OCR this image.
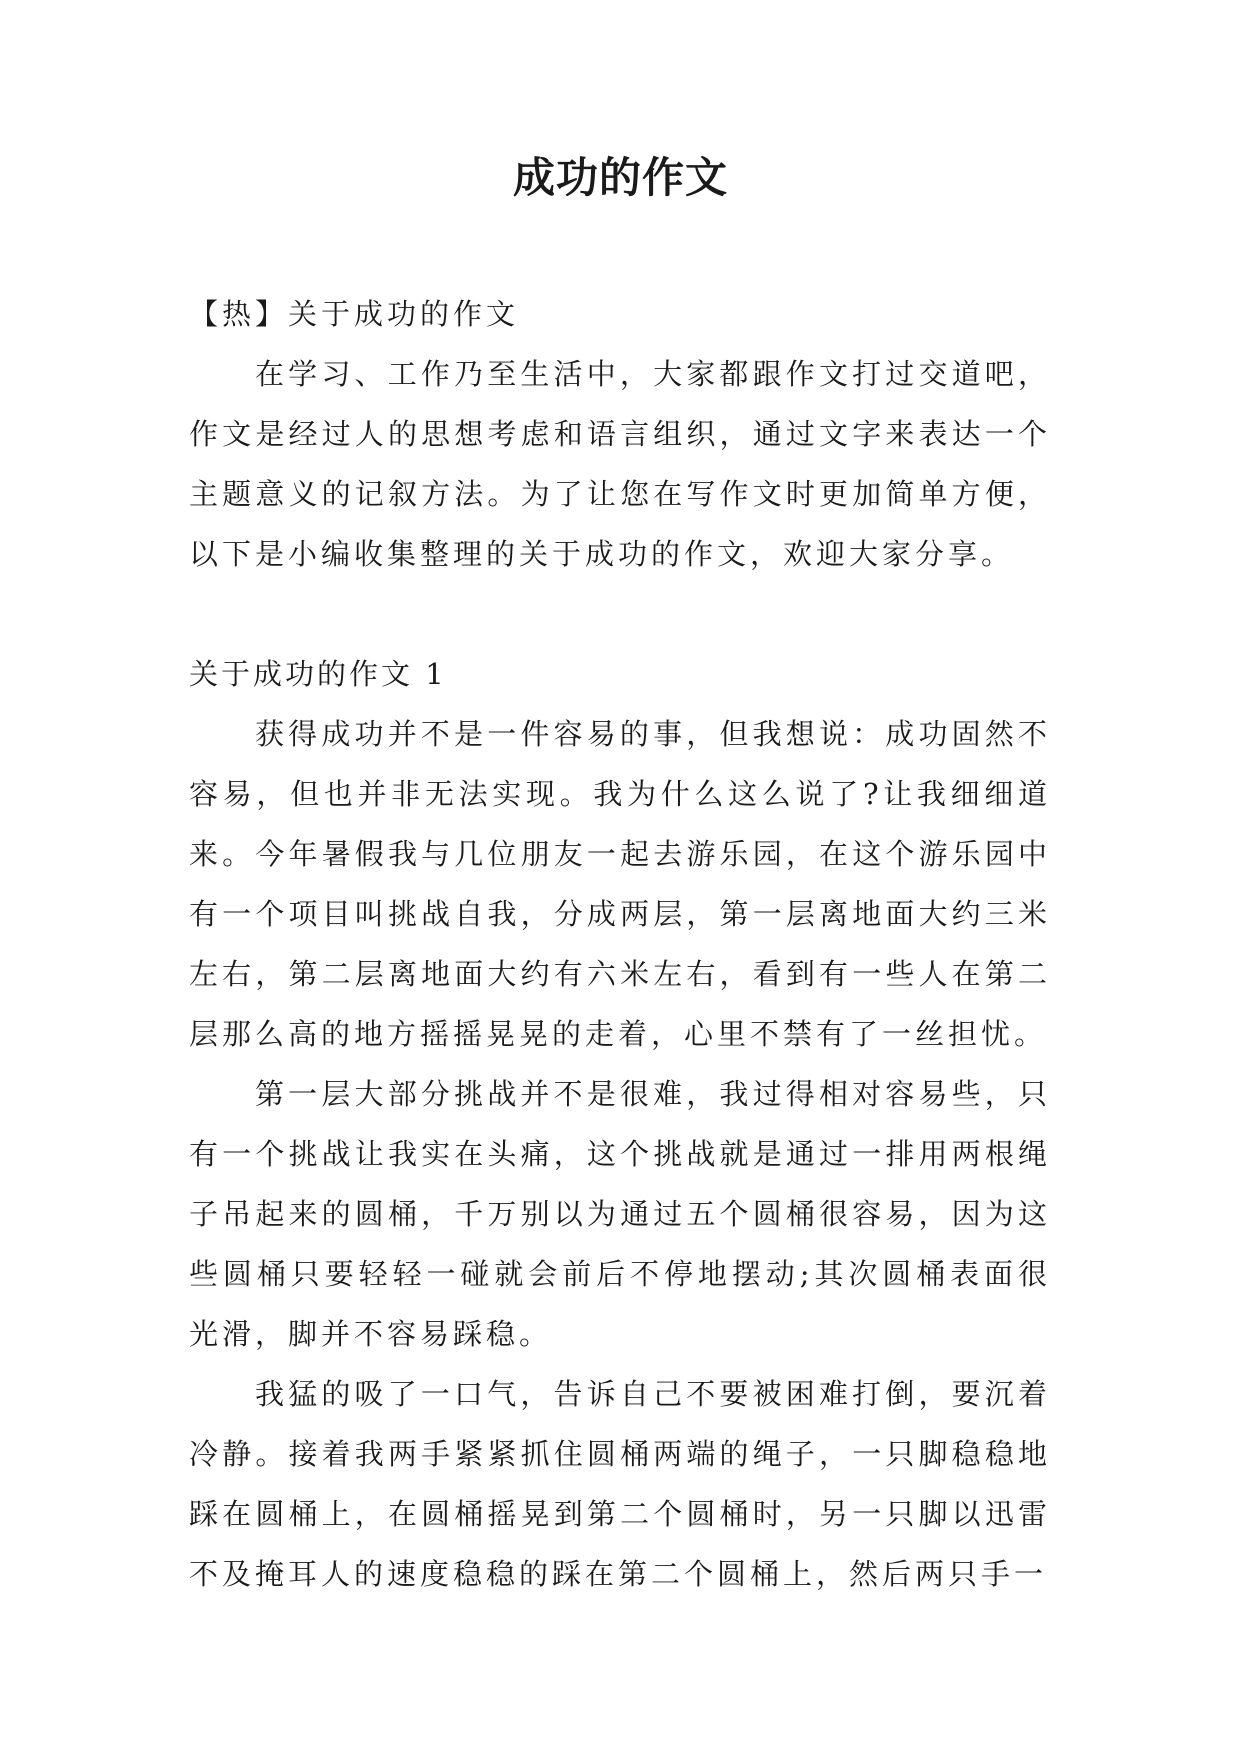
成功的作文

【热】关于成功的作文

在学习、工作乃至生活中，大家都跟作文打过交道吧，作文是经过人的思想考虑和语言组织，通过文字来表达一个主题意义的记叙方法。为了让您在写作文时更加简单方便，以下是小编收集整理的关于成功的作文，欢迎大家分享。

关于成功的作文 1

获得成功并不是一件容易的事，但我想说：成功固然不容易，但也并非无法实现。我为什么这么说了?让我细细道来。今年暑假我与几位朋友一起去游乐园，在这个游乐园中有一个项目叫挑战自我，分成两层，第一层离地面大约三米左右，第二层离地面大约有六米左右，看到有一些人在第二层那么高的地方摇摇晃晃的走着，心里不禁有了一丝担忧。

第一层大部分挑战并不是很难，我过得相对容易些，只有一个挑战让我实在头痛，这个挑战就是通过一排用两根绳子吊起来的圆桶，千万别以为通过五个圆桶很容易，因为这些圆桶只要轻轻一碰就会前后不停地摆动;其次圆桶表面很光滑，脚并不容易踩稳。

我猛的吸了一口气，告诉自己不要被困难打倒，要沉着冷静。接着我两手紧紧抓住圆桶两端的绳子，一只脚稳稳地踩在圆桶上，在圆桶摇晃到第二个圆桶时，另一只脚以迅雷不及掩耳人的速度稳稳的踩在第二个圆桶上，然后两只手一
